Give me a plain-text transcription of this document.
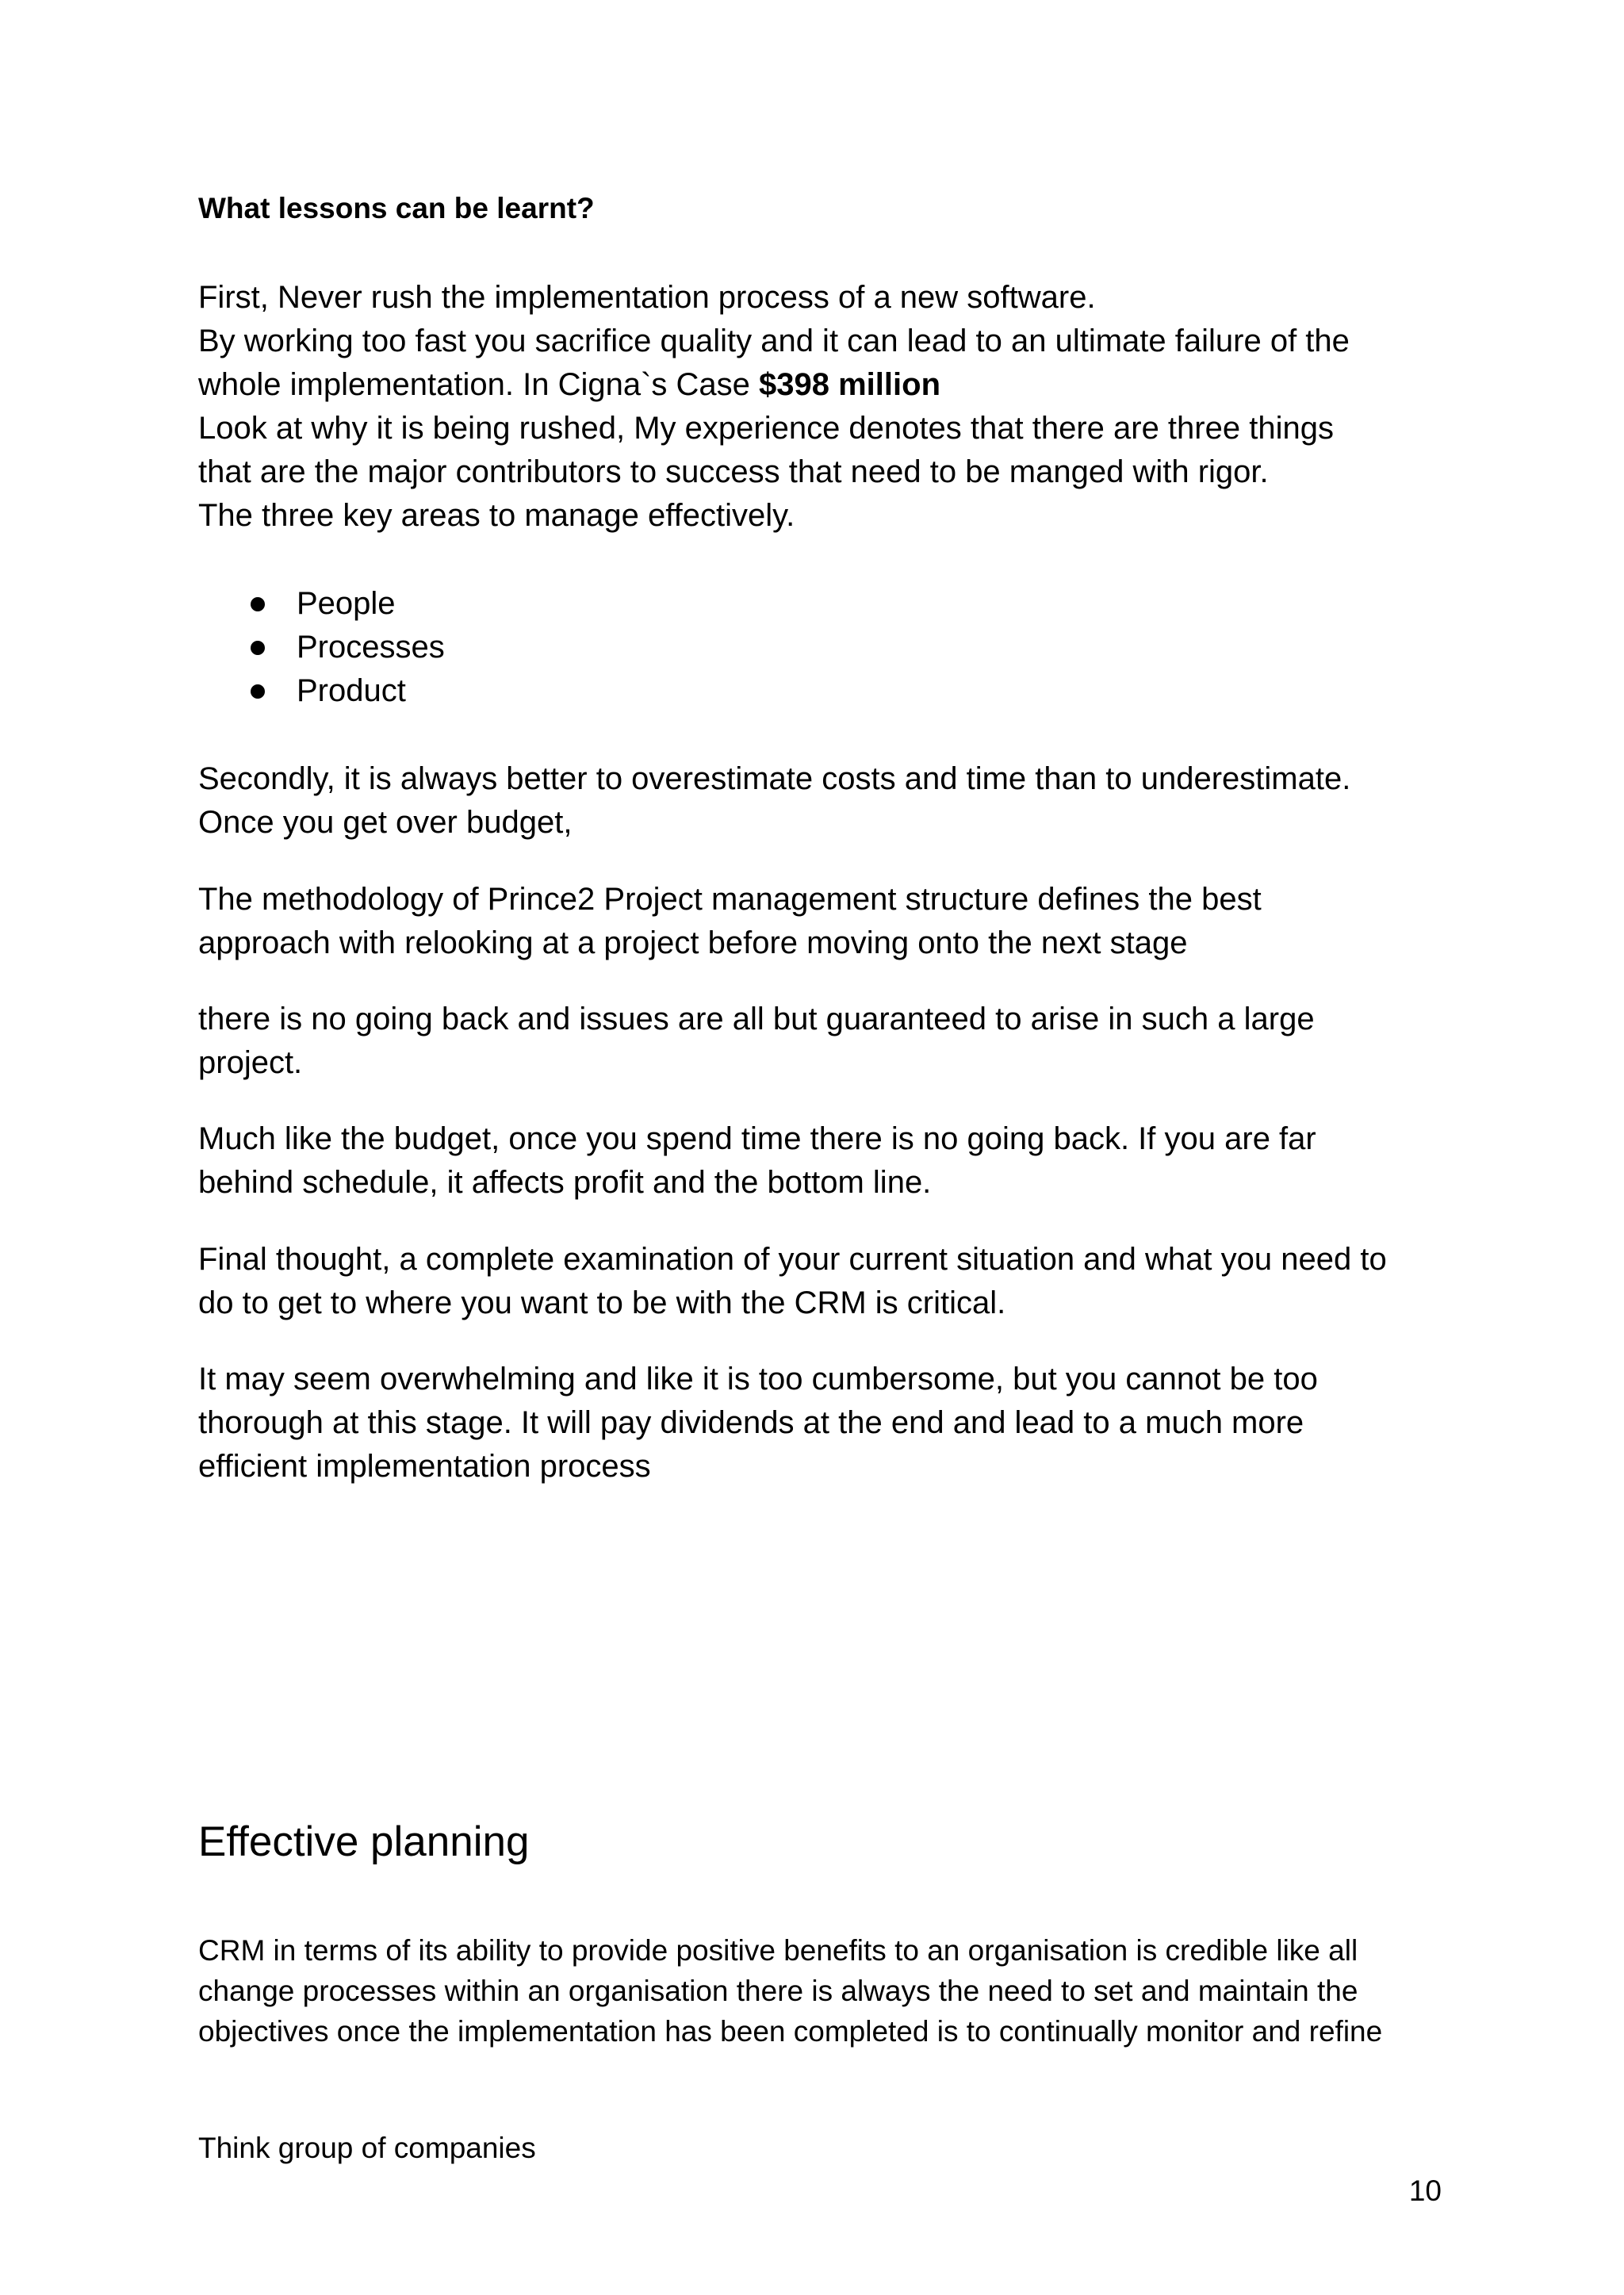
What lessons can be learnt?
First, Never rush the implementation process of a new software.
By working too fast you sacrifice quality and it can lead to an ultimate failure of the
whole implementation. In Cigna`s Case $398 million
Look at why it is being rushed, My experience denotes that there are three things
that are the major contributors to success that need to be manged with rigor.
The three key areas to manage effectively.
People
Processes
Product
Secondly, it is always better to overestimate costs and time than to underestimate.
Once you get over budget,
The methodology of Prince2 Project management structure defines the best
approach with relooking at a project before moving onto the next stage
there is no going back and issues are all but guaranteed to arise in such a large
project.
Much like the budget, once you spend time there is no going back. If you are far
behind schedule, it affects profit and the bottom line.
Final thought, a complete examination of your current situation and what you need to
do to get to where you want to be with the CRM is critical.
It may seem overwhelming and like it is too cumbersome, but you cannot be too
thorough at this stage. It will pay dividends at the end and lead to a much more
efficient implementation process
Effective planning
CRM in terms of its ability to provide positive benefits to an organisation is credible like all
change processes within an organisation there is always the need to set and maintain the
objectives once the implementation has been completed is to continually monitor and refine
Think group of companies
10
